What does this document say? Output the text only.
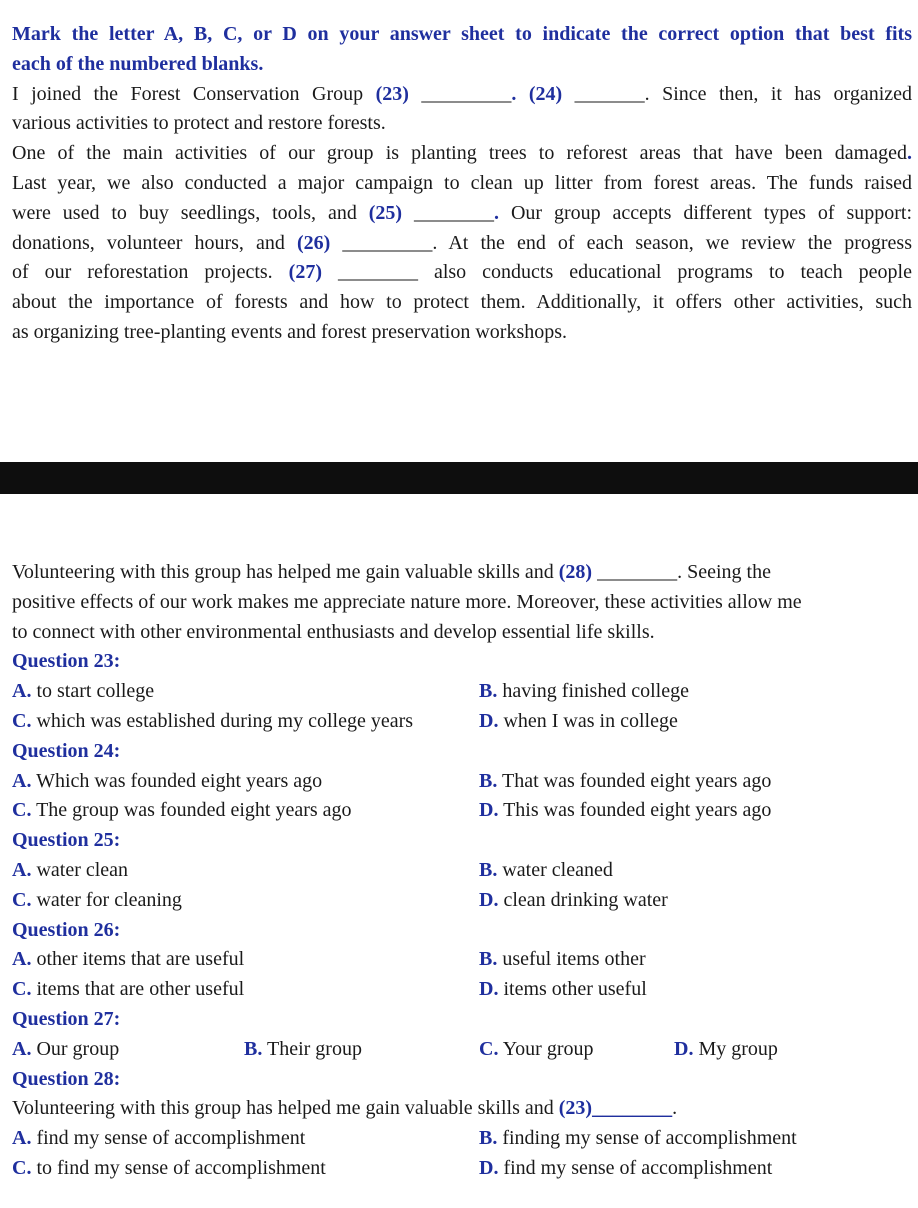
Mark the letter A, B, C, or D on your answer sheet to indicate the correct option that best fits
each of the numbered blanks.
I joined the Forest Conservation Group (23) _________. (24) _______. Since then, it has organized
various activities to protect and restore forests.
One of the main activities of our group is planting trees to reforest areas that have been damaged.
Last year, we also conducted a major campaign to clean up litter from forest areas. The funds raised
were used to buy seedlings, tools, and (25) ________. Our group accepts different types of support:
donations, volunteer hours, and (26) _________. At the end of each season, we review the progress
of our reforestation projects. (27) ________ also conducts educational programs to teach people
about the importance of forests and how to protect them. Additionally, it offers other activities, such
as organizing tree-planting events and forest preservation workshops.
Volunteering with this group has helped me gain valuable skills and (28) ________. Seeing the
positive effects of our work makes me appreciate nature more. Moreover, these activities allow me
to connect with other environmental enthusiasts and develop essential life skills.
Question 23:
A. to start college	B. having finished college
C. which was established during my college years	D. when I was in college
Question 24:
A. Which was founded eight years ago	B. That was founded eight years ago
C. The group was founded eight years ago	D. This was founded eight years ago
Question 25:
A. water clean	B. water cleaned
C. water for cleaning	D. clean drinking water
Question 26:
A. other items that are useful	B. useful items other
C. items that are other useful	D. items other useful
Question 27:
A. Our group	B. Their group	C. Your group	D. My group
Question 28:
Volunteering with this group has helped me gain valuable skills and (23)________.
A. find my sense of accomplishment	B. finding my sense of accomplishment
C. to find my sense of accomplishment	D. find my sense of accomplishment
